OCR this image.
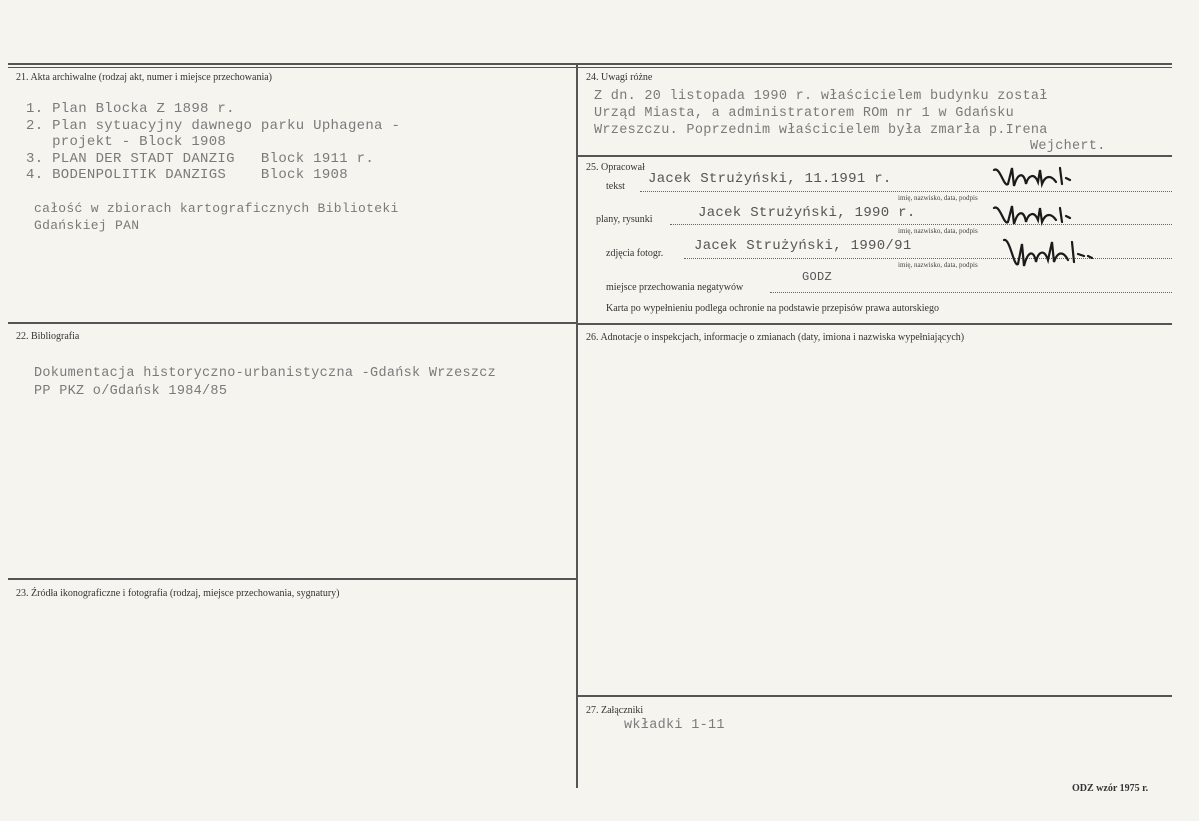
21. Akta archiwalne (rodzaj akt, numer i miejsce przechowania)
1. Plan Blocka Z 1898 r.
2. Plan sytuacyjny dawnego parku Uphagena -
projekt - Block 1908
3. PLAN DER STADT DANZIG   Block 1911 r.
4. BODENPOLITIK DANZIGS    Block 1908
całość w zbiorach kartograficznych Biblioteki
Gdańskiej PAN
22. Bibliografia
Dokumentacja historyczno-urbanistyczna -Gdańsk Wrzeszcz
PP PKZ o/Gdańsk 1984/85
23. Źródła ikonograficzne i fotografia (rodzaj, miejsce przechowania, sygnatury)
24. Uwagi różne
Z dn. 20 listopada 1990 r. właścicielem budynku został
Urząd Miasta, a administratorem ROm nr 1 w Gdańsku
Wrzeszczu. Poprzednim właścicielem była zmarła p.Irena
Wejchert.
25. Opracował
tekst Jacek Strużyński, 11.1991 r.
imię, nazwisko, data, podpis
plany, rysunki	Jacek Strużyński, 1990 r.
imię, nazwisko, data, podpis
zdjęcia fotogr. Jacek Strużyński, 1990/91
imię, nazwisko, data, podpis
miejsce przechowania negatywów
GODZ
Karta po wypełnieniu podlega ochronie na podstawie przepisów prawa autorskiego
26. Adnotacje o inspekcjach, informacje o zmianach (daty, imiona i nazwiska wypełniających)
27. Załączniki
wkładki 1-11
ODZ wzór 1975 r.
